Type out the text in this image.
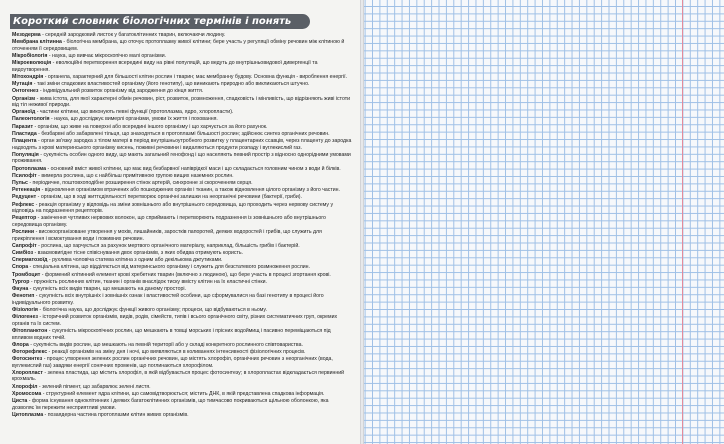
Короткий словник біологічних термінів і понять
Мезодерма - середній зародковий листок у багатоклітинних тварин, включаючи людину.
Мембрана клітинна - біологічна мембрана, що оточує протоплазму живої клітини; бере участь у регуляції обміну речовин між клітиною й оточенням її середовищем.
Мікробіологія - наука, що вивчає мікроскопічно малі організми.
Мікроеволюція - еволюційні перетворення всередині виду на рівні популяцій, що ведуть до внутрішньовидової дивергенції та видоутворення.
Мітохондрія - органела, характерний для більшості клітин рослин і тварин; має мембранну будову. Основна функція - вироблення енергії.
Мутація - такі зміни спадкових властивостей організму (його генотипу), що виникають природно або викликаються штучно.
Онтогенез - індивідуальний розвиток організму від зародження до кінця життя.
Організм - жива істота, для якої характерні обмін речовин, ріст, розвиток, розмноження, спадковість і мінливість, що відрізняють живі істоти від тіл неживої природи.
Органоїд - частини клітини, що виконують певні функції (протоплазма, ядро, хлоропласти).
Палеонтологія - наука, що досліджує вимерлі організми, умови їх життя і поховання.
Паразит - організм, що живе на поверхні або всередині іншого організму і що харчується за його рахунок.
Пластида - безбарвні або забарвлені тільця, що знаходяться в протоплазмі більшості рослин; здійснює синтез органічних речовин.
Плацента - орган зв'язку зародка з тілом матері в період внутрішньоутробного розвитку у плацентарних ссавців, через плаценту до зародка надходять з крові материнського організму кисень, поживні речовини і видаляються продукти розпаду і вуглекислий газ.
Популяція - сукупність особин одного виду, що мають загальний генофонд і що населяють певний простір з відносно однорідними умовами проживання.
Протоплазма - основний вміст живої клітини, що має вид безбарвної напіврідкої маси і що складається головним чином з води й білків.
Псилофіт - вимерла рослина, що є найбільш примітивною групою вищих наземних рослин.
Пульс - періодичне, поштовхоподібне розширення стінок артерій, синхронне зі скороченням серця.
Ретенеація - відновлення організмом втрачених або пошкоджених органів і тканин, а також відновлення цілого організму з його частин.
Редуцент - організм, що в ході життєдіяльності перетворює органічні залишки на неорганічні речовини (бактерії, гриби).
Рефлекс - реакція організму у відповідь на зміни зовнішнього або внутрішнього середовища, що проходить через нервову систему у відповідь на подразнення рецепторів.
Рецептор - закінчення чутливих нервових волокон, що сприймають і перетворюють подразнення із зовнішнього або внутрішнього середовища організму.
Рослини - високоорганізоване утворення у мохів, лишайників, заростків папоротей, деяких водоростей і грибів, що служить для прикріплення і всмоктування води і поживних речовин.
Сапрофіт - рослина, що харчується за рахунок мертвого органічного матеріалу, наприклад, більшість грибів і бактерій.
Симбіоз - взаємовигідне тісне співіснування двох організмів, з яких обидва отримують користь.
Сперматозоїд - рухлива чоловіча статева клітина з одним або декількома джгутиками.
Спора - спеціальна клітина, що відділяється від материнського організму і служить для безстатевого розмноження рослин.
Тромбоцит - формений клітинний елемент крові хребетних тварин (включно з людиною), що бере участь в процесі згортання крові.
Тургор - пружність рослинних клітин, тканин і органів внаслідок тиску вмісту клітин на їх еластичні стінки.
Фауна - сукупність всіх видів тварин, що мешкають на даному просторі.
Фенотип - сукупність всіх внутрішніх і зовнішніх ознак і властивостей особини, що сформувалися на базі генотипу в процесі його індивідуального розвитку.
Фізіологія - біологічна наука, що досліджує функції живого організму; процеси, що відбуваються в ньому.
Філогенез - історичний розвиток організмів, видів, родів, сімейств, типів і всього органічного світу, різних систематичних груп, окремих органів та їх систем.
Фітопланктон - сукупність мікроскопічних рослин, що мешкають в товщі морських і прісних водоймищ і пасивно переміщаються під впливом водних течій.
Флора - сукупність видів рослин, що мешкають на певній території або у складі конкретного рослинного співтовариства.
Фоторефлекс - реакції організмів на зміну дня і ночі, що виявляються в коливаннях інтенсивності фізіологічних процесів.
Фотосинтез - процес утворення зелених рослин органічних речовин, що містять хлорофіл, органічних речовин з неорганічних (вода, вуглекислий газ) завдяки енергії сонячних променів, що поглинаються хлорофілом.
Хлоропласт - зелена пластида, що містить хлорофіл, в якій відбувається процес фотосинтезу; в хлоропластах відкладається первинний крохмаль.
Хлорофіл - зелений пігмент, що забарвлює зелені листя.
Хромосома - структурний елемент ядра клітини, що самовідтворюється; містить ДНК, в якій представлена спадкова інформація.
Циста - форма існування одноклітинних і деяких багатоклітинних організмів, що тимчасово покриваються щільною оболонкою, яка дозволяє їм пережити несприятливі умови.
Цитоплазма - позаядерна частина протоплазми клітин живих організмів.
